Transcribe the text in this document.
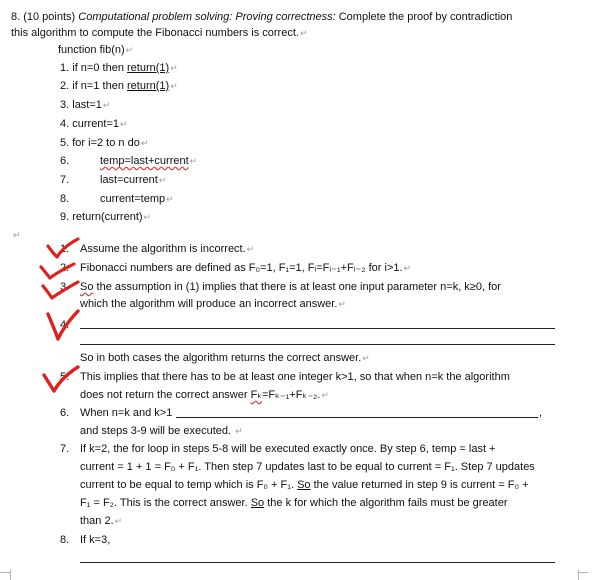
8. (10 points) Computational problem solving: Proving correctness: Complete the proof by contradiction
this algorithm to compute the Fibonacci numbers is correct.↵
function fib(n)↵
1. if n=0 then return(1)↵
2. if n=1 then return(1)↵
3. last=1↵
4. current=1↵
5. for i=2 to n do↵
6.	temp=last+current↵
7.	last=current↵
8.	current=temp↵
9. return(current)↵
↵
1. Assume the algorithm is incorrect.↵
2. Fibonacci numbers are defined as F₀=1, F₁=1, Fᵢ=Fᵢ₋₁+Fᵢ₋₂ for i>1.↵
3. So the assumption in (1) implies that there is at least one input parameter n=k, k≥0, for
which the algorithm will produce an incorrect answer.↵
4.
So in both cases the algorithm returns the correct answer.↵
5. This implies that there has to be at least one integer k>1, so that when n=k the algorithm
does not return the correct answer Fₖ=Fₖ₋₁+Fₖ₋₂.↵
6. When n=k and k>1	,
and steps 3-9 will be executed. ↵
7. If k=2, the for loop in steps 5-8 will be executed exactly once. By step 6, temp = last +
current = 1 + 1 = F₀ + F₁. Then step 7 updates last to be equal to current = F₁. Step 7 updates
current to be equal to temp which is F₀ + F₁. So the value returned in step 9 is current = F₀ +
F₁ = F₂. This is the correct answer. So the k for which the algorithm fails must be greater
than 2.↵
8. If k=3,
